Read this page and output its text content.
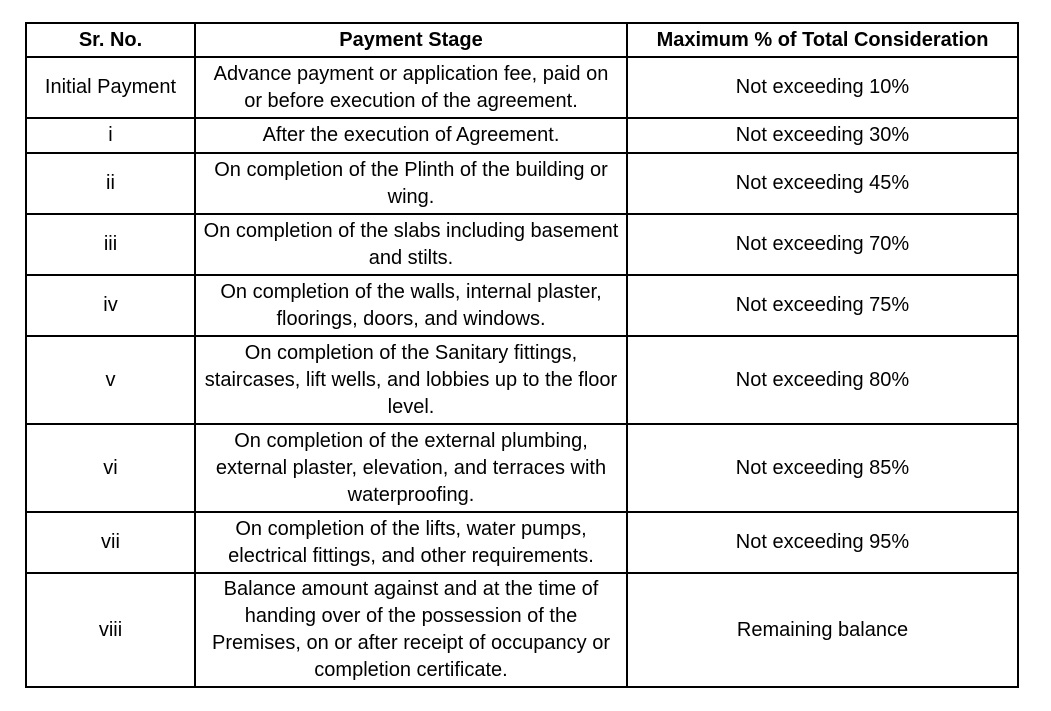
Sr. No.	Payment Stage	Maximum % of Total Consideration
Initial Payment	Advance payment or application fee, paid on or before execution of the agreement.	Not exceeding 10%
i	After the execution of Agreement.	Not exceeding 30%
ii	On completion of the Plinth of the building or wing.	Not exceeding 45%
iii	On completion of the slabs including basement and stilts.	Not exceeding 70%
iv	On completion of the walls, internal plaster, floorings, doors, and windows.	Not exceeding 75%
v	On completion of the Sanitary fittings, staircases, lift wells, and lobbies up to the floor level.	Not exceeding 80%
vi	On completion of the external plumbing, external plaster, elevation, and terraces with waterproofing.	Not exceeding 85%
vii	On completion of the lifts, water pumps, electrical fittings, and other requirements.	Not exceeding 95%
viii	Balance amount against and at the time of handing over of the possession of the Premises, on or after receipt of occupancy or completion certificate.	Remaining balance
